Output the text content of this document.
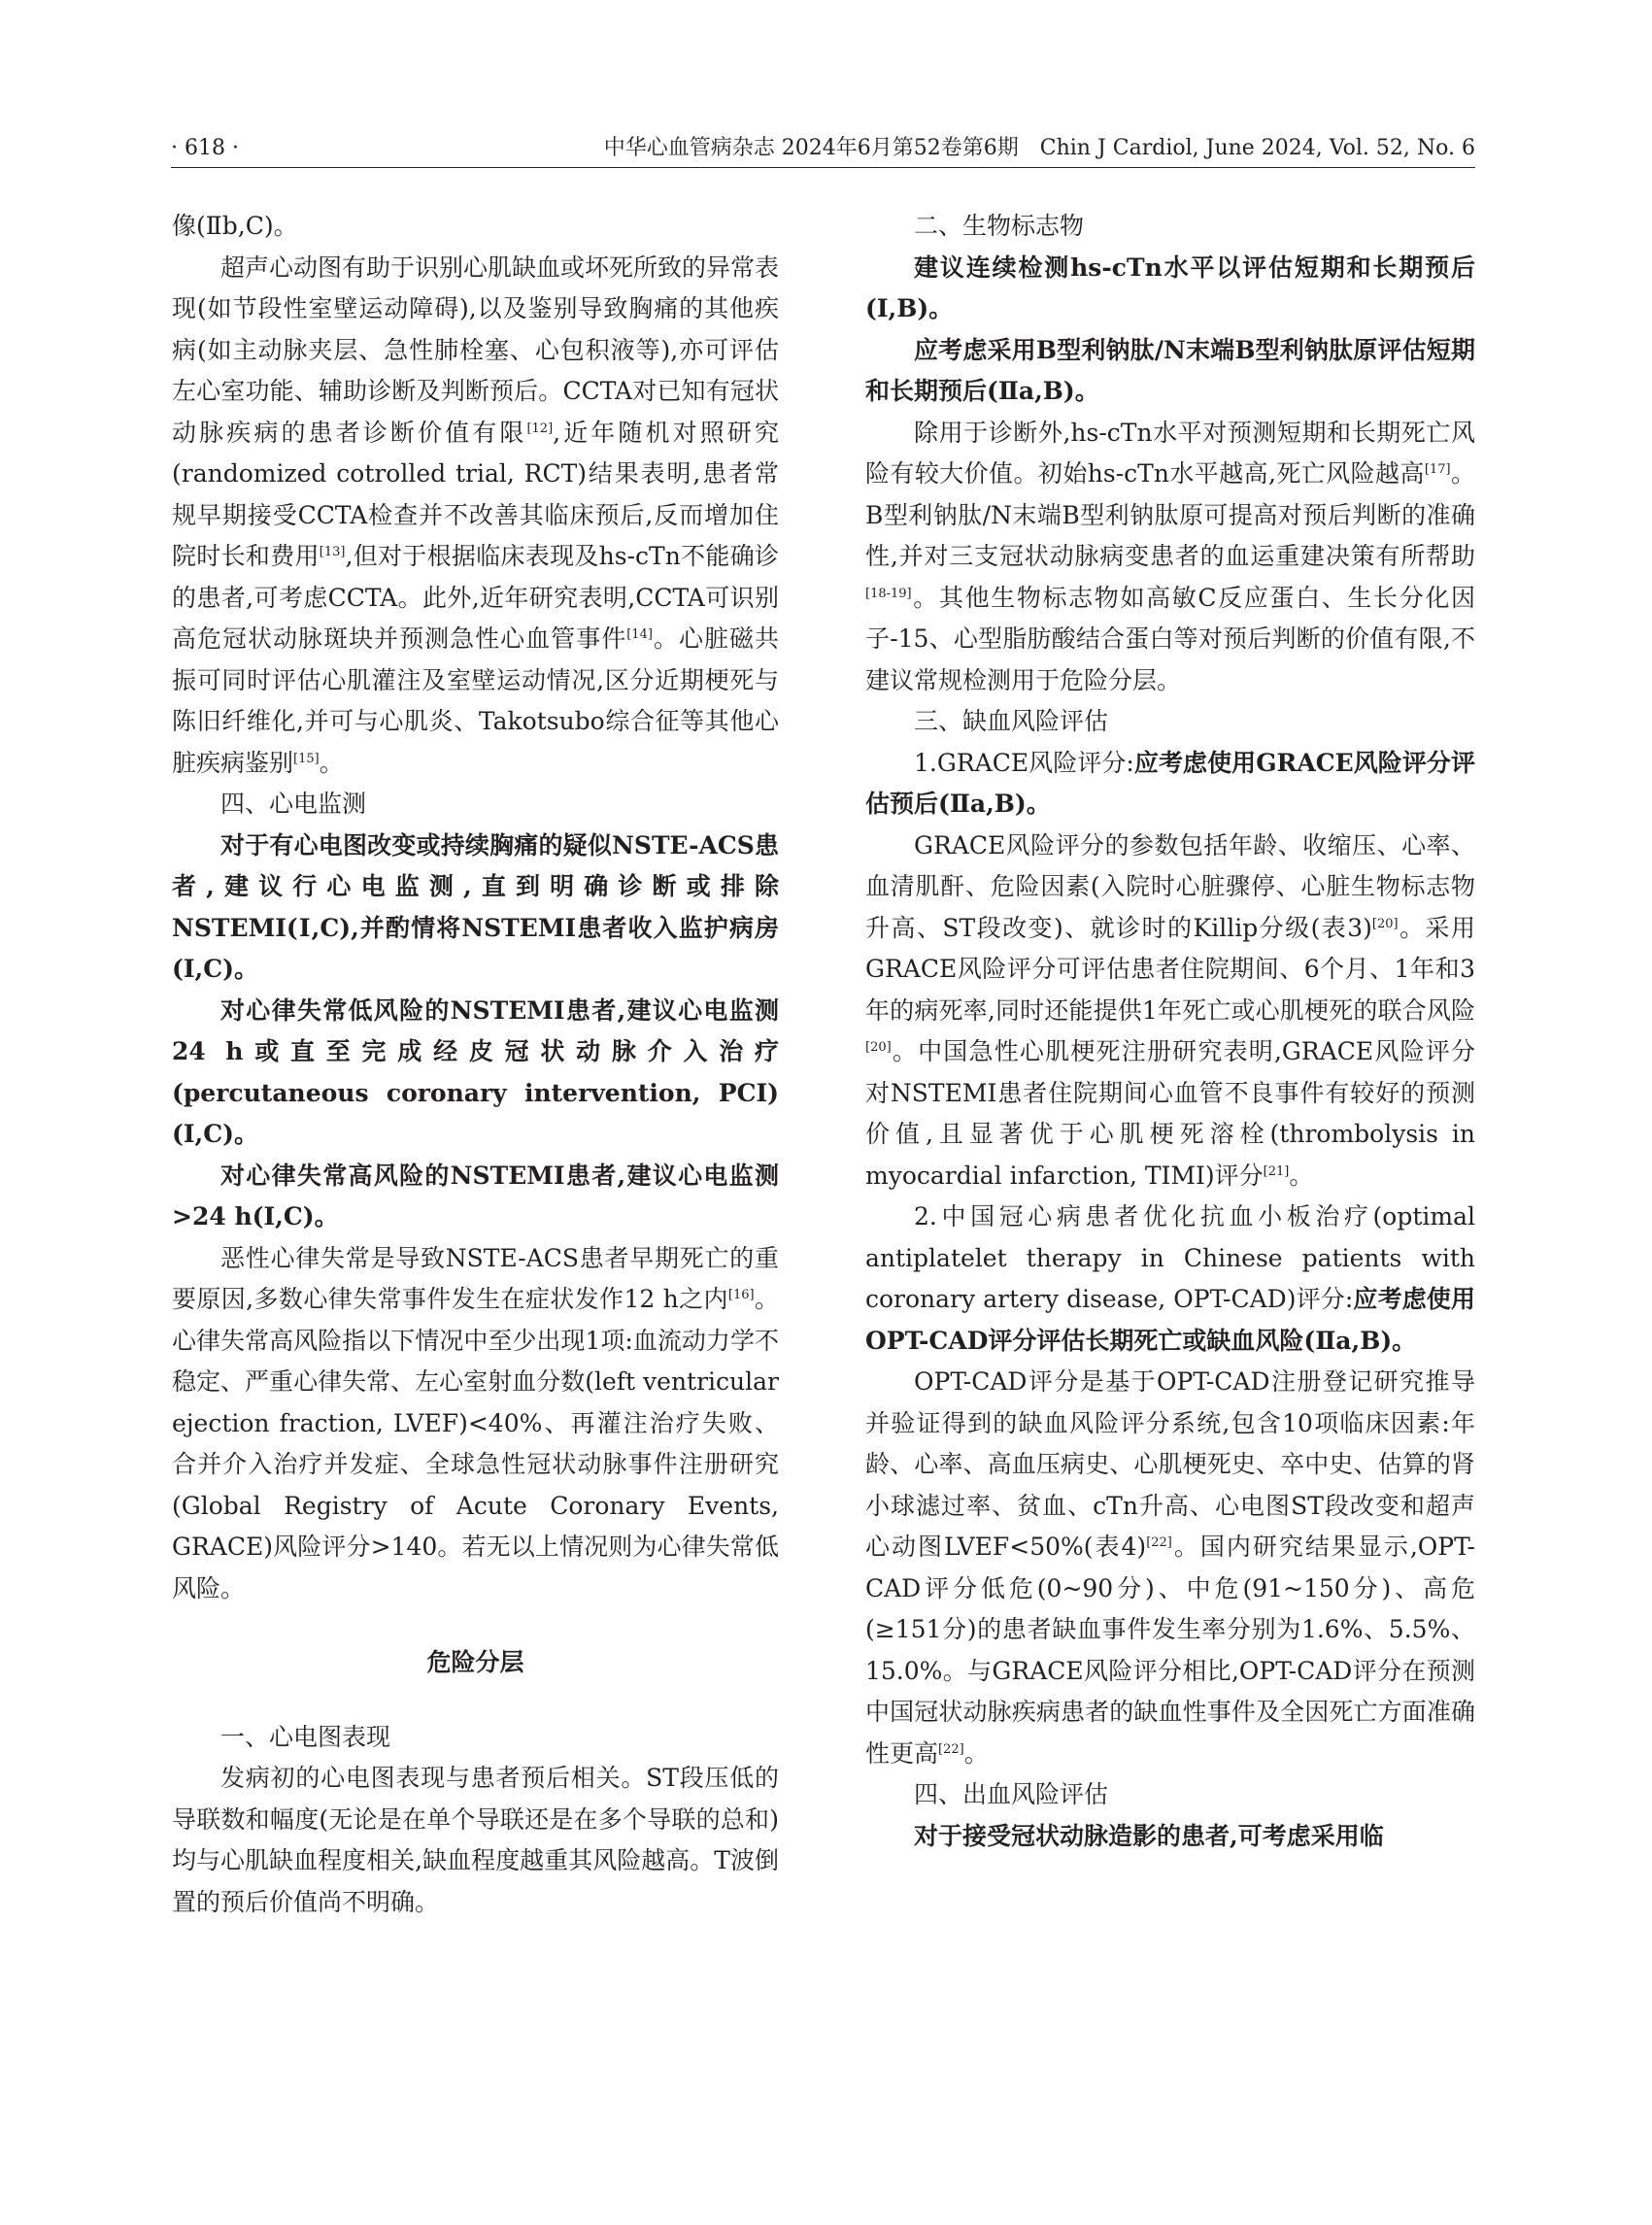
· 618 ·	中华心血管病杂志 2024年6月第52卷第6期　Chin J Cardiol, June 2024, Vol. 52, No. 6

像(Ⅱb,C)。

超声心动图有助于识别心肌缺血或坏死所致的异常表现(如节段性室壁运动障碍),以及鉴别导致胸痛的其他疾病(如主动脉夹层、急性肺栓塞、心包积液等),亦可评估左心室功能、辅助诊断及判断预后。CCTA对已知有冠状动脉疾病的患者诊断价值有限[12],近年随机对照研究(randomized cotrolled trial, RCT)结果表明,患者常规早期接受CCTA检查并不改善其临床预后,反而增加住院时长和费用[13],但对于根据临床表现及hs-cTn不能确诊的患者,可考虑CCTA。此外,近年研究表明,CCTA可识别高危冠状动脉斑块并预测急性心血管事件[14]。心脏磁共振可同时评估心肌灌注及室壁运动情况,区分近期梗死与陈旧纤维化,并可与心肌炎、Takotsubo综合征等其他心脏疾病鉴别[15]。

四、心电监测

对于有心电图改变或持续胸痛的疑似NSTE-ACS患者,建议行心电监测,直到明确诊断或排除NSTEMI(Ⅰ,C),并酌情将NSTEMI患者收入监护病房(Ⅰ,C)。

对心律失常低风险的NSTEMI患者,建议心电监测24 h或直至完成经皮冠状动脉介入治疗(percutaneous coronary intervention, PCI)(Ⅰ,C)。

对心律失常高风险的NSTEMI患者,建议心电监测>24 h(Ⅰ,C)。

恶性心律失常是导致NSTE-ACS患者早期死亡的重要原因,多数心律失常事件发生在症状发作12 h之内[16]。心律失常高风险指以下情况中至少出现1项:血流动力学不稳定、严重心律失常、左心室射血分数(left ventricular ejection fraction, LVEF)<40%、再灌注治疗失败、合并介入治疗并发症、全球急性冠状动脉事件注册研究(Global Registry of Acute Coronary Events, GRACE)风险评分>140。若无以上情况则为心律失常低风险。

危险分层

一、心电图表现

发病初的心电图表现与患者预后相关。ST段压低的导联数和幅度(无论是在单个导联还是在多个导联的总和)均与心肌缺血程度相关,缺血程度越重其风险越高。T波倒置的预后价值尚不明确。

二、生物标志物

建议连续检测hs-cTn水平以评估短期和长期预后(Ⅰ,B)。

应考虑采用B型利钠肽/N末端B型利钠肽原评估短期和长期预后(Ⅱa,B)。

除用于诊断外,hs-cTn水平对预测短期和长期死亡风险有较大价值。初始hs-cTn水平越高,死亡风险越高[17]。B型利钠肽/N末端B型利钠肽原可提高对预后判断的准确性,并对三支冠状动脉病变患者的血运重建决策有所帮助[18-19]。其他生物标志物如高敏C反应蛋白、生长分化因子-15、心型脂肪酸结合蛋白等对预后判断的价值有限,不建议常规检测用于危险分层。

三、缺血风险评估

1.GRACE风险评分:应考虑使用GRACE风险评分评估预后(Ⅱa,B)。

GRACE风险评分的参数包括年龄、收缩压、心率、血清肌酐、危险因素(入院时心脏骤停、心脏生物标志物升高、ST段改变)、就诊时的Killip分级(表3)[20]。采用GRACE风险评分可评估患者住院期间、6个月、1年和3年的病死率,同时还能提供1年死亡或心肌梗死的联合风险[20]。中国急性心肌梗死注册研究表明,GRACE风险评分对NSTEMI患者住院期间心血管不良事件有较好的预测价值,且显著优于心肌梗死溶栓(thrombolysis in myocardial infarction, TIMI)评分[21]。

2.中国冠心病患者优化抗血小板治疗(optimal antiplatelet therapy in Chinese patients with coronary artery disease, OPT-CAD)评分:应考虑使用OPT-CAD评分评估长期死亡或缺血风险(Ⅱa,B)。

OPT-CAD评分是基于OPT-CAD注册登记研究推导并验证得到的缺血风险评分系统,包含10项临床因素:年龄、心率、高血压病史、心肌梗死史、卒中史、估算的肾小球滤过率、贫血、cTn升高、心电图ST段改变和超声心动图LVEF<50%(表4)[22]。国内研究结果显示,OPT-CAD评分低危(0~90分)、中危(91~150分)、高危(≥151分)的患者缺血事件发生率分别为1.6%、5.5%、15.0%。与GRACE风险评分相比,OPT-CAD评分在预测中国冠状动脉疾病患者的缺血性事件及全因死亡方面准确性更高[22]。

四、出血风险评估

对于接受冠状动脉造影的患者,可考虑采用临
